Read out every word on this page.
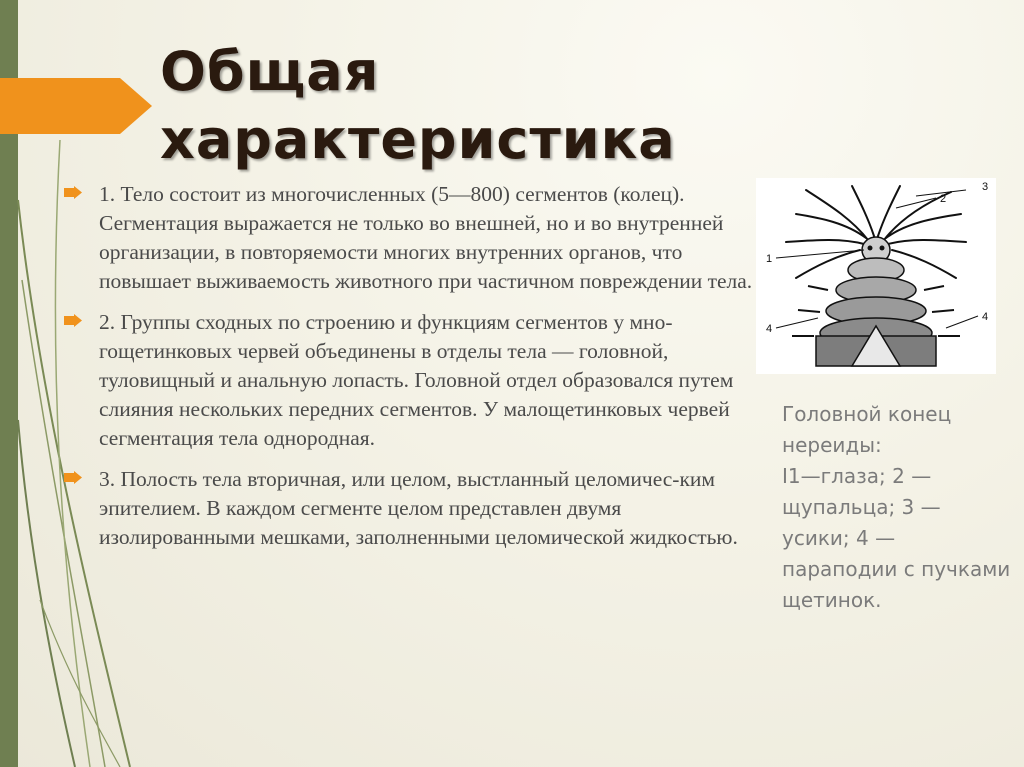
Общая характеристика
1. Тело состоит из многочисленных (5—800) сегментов (колец). Сегментация выражается не только во внешней, но и во внутренней организации, в повторяемости многих внутренних органов, что повышает выживаемость животного при частичном повреждении тела.
2. Группы сходных по строению и функциям сегментов у мно-гощетинковых червей объединены в отделы тела — головной, туловищный и анальную лопасть. Головной отдел образовался путем слияния нескольких передних сегментов. У малощетинковых червей сегментация тела однородная.
3. Полость тела вторичная, или целом, выстланный целомичес-ким эпителием. В каждом сегменте целом представлен двумя изолированными мешками, заполненными целомической жидкостью.
1
2
3
4
4

Головной конец нереиды:
I1—глаза; 2 — щупальца; 3 — усики; 4 — параподии с пучками щетинок.
